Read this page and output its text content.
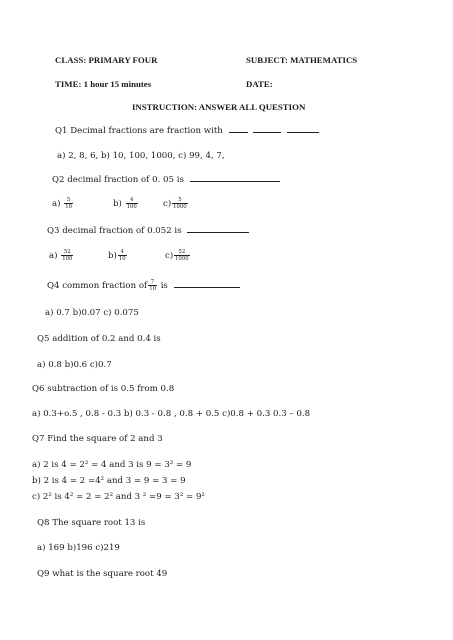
CLASS: PRIMARY FOUR	SUBJECT: MATHEMATICS
TIME: 1 hour 15 minutes	DATE:
INSTRUCTION: ANSWER ALL QUESTION
Q1 Decimal fractions are fraction with
a) 2, 8, 6, b) 10, 100, 1000, c) 99, 4, 7,
Q2 decimal fraction of 0. 05 is
$a) \frac{5}{10}$	$b) \frac{4}{100}$	$c) \frac{5}{1000}$
Q3 decimal fraction of 0.052 is
$a) \frac{52}{100}$	$b) \frac{4}{10}$	$c) \frac{52}{1000}$
Q4 common fraction of $\frac{7}{10}$ is
a) 0.7 b)0.07 c) 0.075
Q5 addition of 0.2 and 0.4 is
a) 0.8 b)0.6 c)0.7
Q6 subtraction of is 0.5 from 0.8
a) 0.3+o.5 , 0.8 - 0.3 b) 0.3 - 0.8 , 0.8 + 0.5 c)0.8 + 0.3 0.3 – 0.8
Q7 Find the square of 2 and 3
a) 2 is 4 = 2² = 4 and 3 is 9 = 3² = 9
b) 2 is 4 = 2 =4² and 3 = 9 = 3 = 9
c) 2² is 4² = 2 = 2² and 3 ² =9 = 3² = 9²
Q8 The square root 13 is
a) 169 b)196 c)219
Q9 what is the square root 49
